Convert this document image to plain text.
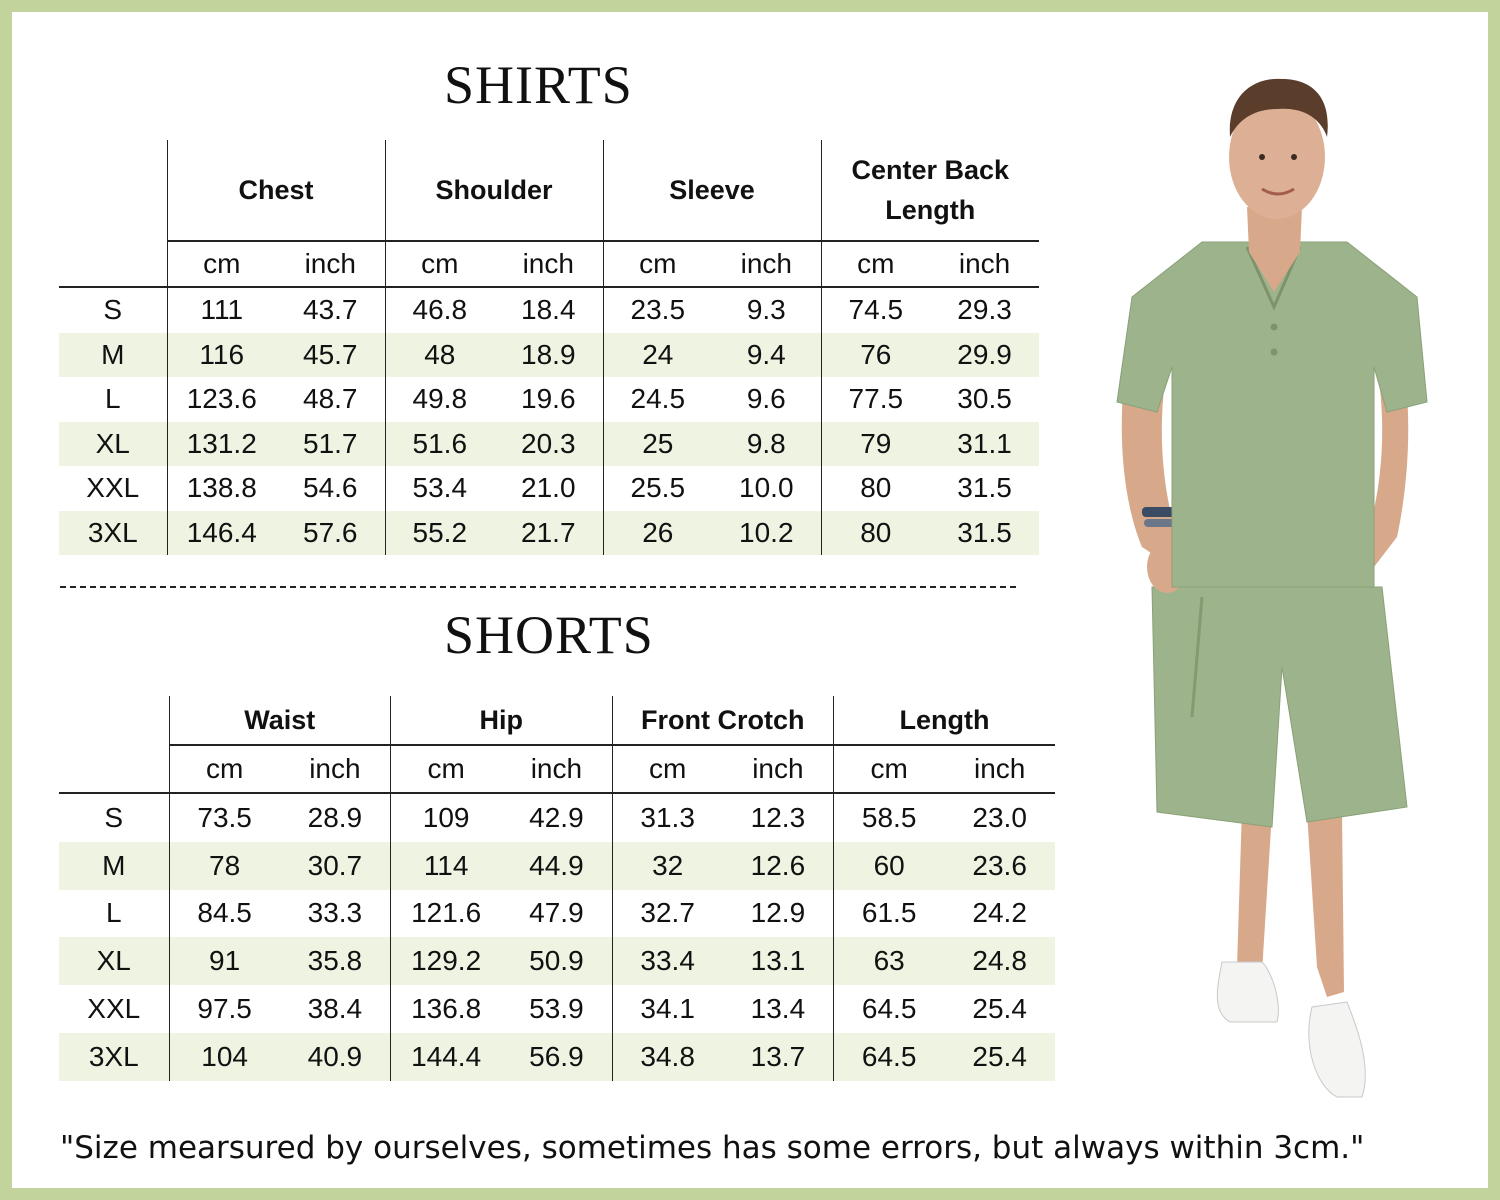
SHIRTS
	Chest		Shoulder		Sleeve		Center Back Length	
	cm	inch	cm	inch	cm	inch	cm	inch
S	111	43.7	46.8	18.4	23.5	9.3	74.5	29.3
M	116	45.7	48	18.9	24	9.4	76	29.9
L	123.6	48.7	49.8	19.6	24.5	9.6	77.5	30.5
XL	131.2	51.7	51.6	20.3	25	9.8	79	31.1
XXL	138.8	54.6	53.4	21.0	25.5	10.0	80	31.5
3XL	146.4	57.6	55.2	21.7	26	10.2	80	31.5
SHORTS
	Waist		Hip		Front Crotch		Length	
	cm	inch	cm	inch	cm	inch	cm	inch
S	73.5	28.9	109	42.9	31.3	12.3	58.5	23.0
M	78	30.7	114	44.9	32	12.6	60	23.6
L	84.5	33.3	121.6	47.9	32.7	12.9	61.5	24.2
XL	91	35.8	129.2	50.9	33.4	13.1	63	24.8
XXL	97.5	38.4	136.8	53.9	34.1	13.4	64.5	25.4
3XL	104	40.9	144.4	56.9	34.8	13.7	64.5	25.4
"Size mearsured by ourselves, sometimes has some errors, but always within 3cm."
